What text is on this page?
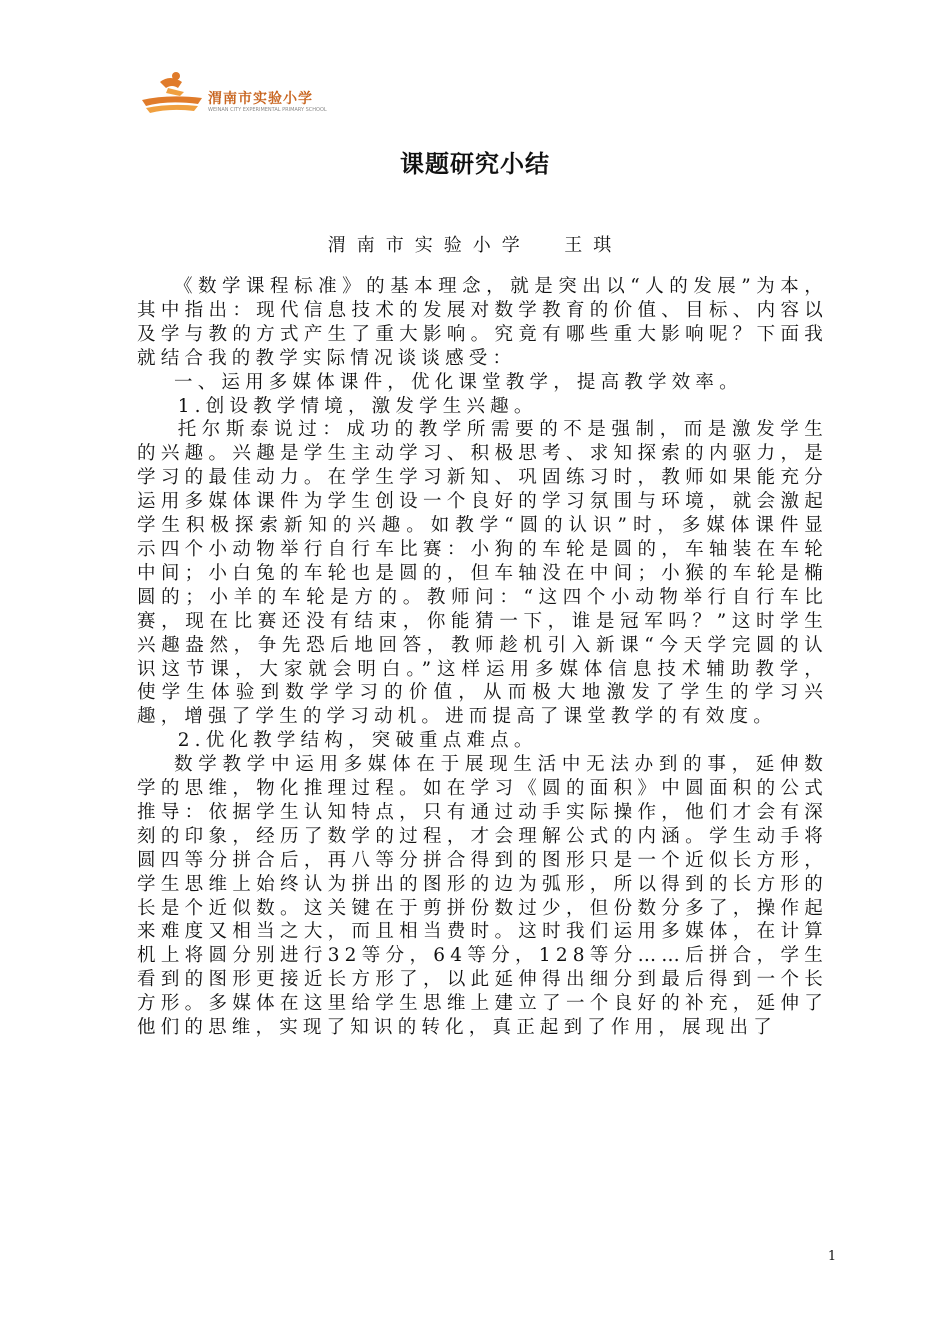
渭南市实验小学
WEINAN CITY EXPERIMENTAL PRIMARY SCHOOL
课题研究小结
渭南市实验小学  王琪

《数学课程标准》的基本理念，就是突出以“人的发展”为本，其中指出：现代信息技术的发展对数学教育的价值、目标、内容以及学与教的方式产生了重大影响。究竟有哪些重大影响呢？下面我就结合我的教学实际情况谈谈感受：

一、运用多媒体课件，优化课堂教学，提高教学效率。

1.创设教学情境，激发学生兴趣。

托尔斯泰说过：成功的教学所需要的不是强制，而是激发学生的兴趣。兴趣是学生主动学习、积极思考、求知探索的内驱力，是学习的最佳动力。在学生学习新知、巩固练习时，教师如果能充分运用多媒体课件为学生创设一个良好的学习氛围与环境，就会激起学生积极探索新知的兴趣。如教学“圆的认识”时，多媒体课件显示四个小动物举行自行车比赛：小狗的车轮是圆的，车轴装在车轮中间；小白兔的车轮也是圆的，但车轴没在中间；小猴的车轮是椭圆的；小羊的车轮是方的。教师问：“这四个小动物举行自行车比赛，现在比赛还没有结束，你能猜一下，谁是冠军吗？”这时学生兴趣盎然，争先恐后地回答，教师趁机引入新课“今天学完圆的认识这节课，大家就会明白。”这样运用多媒体信息技术辅助教学，使学生体验到数学学习的价值，从而极大地激发了学生的学习兴趣，增强了学生的学习动机。进而提高了课堂教学的有效度。

2.优化教学结构，突破重点难点。

数学教学中运用多媒体在于展现生活中无法办到的事，延伸数学的思维，物化推理过程。如在学习《圆的面积》中圆面积的公式推导：依据学生认知特点，只有通过动手实际操作，他们才会有深刻的印象，经历了数学的过程，才会理解公式的内涵。学生动手将圆四等分拼合后，再八等分拼合得到的图形只是一个近似长方形，学生思维上始终认为拼出的图形的边为弧形，所以得到的长方形的长是个近似数。这关键在于剪拼份数过少，但份数分多了，操作起来难度又相当之大，而且相当费时。这时我们运用多媒体，在计算机上将圆分别进行32等分，64等分，128等分……后拼合，学生看到的图形更接近长方形了，以此延伸得出细分到最后得到一个长方形。多媒体在这里给学生思维上建立了一个良好的补充，延伸了他们的思维，实现了知识的转化，真正起到了作用，展现出了

1
